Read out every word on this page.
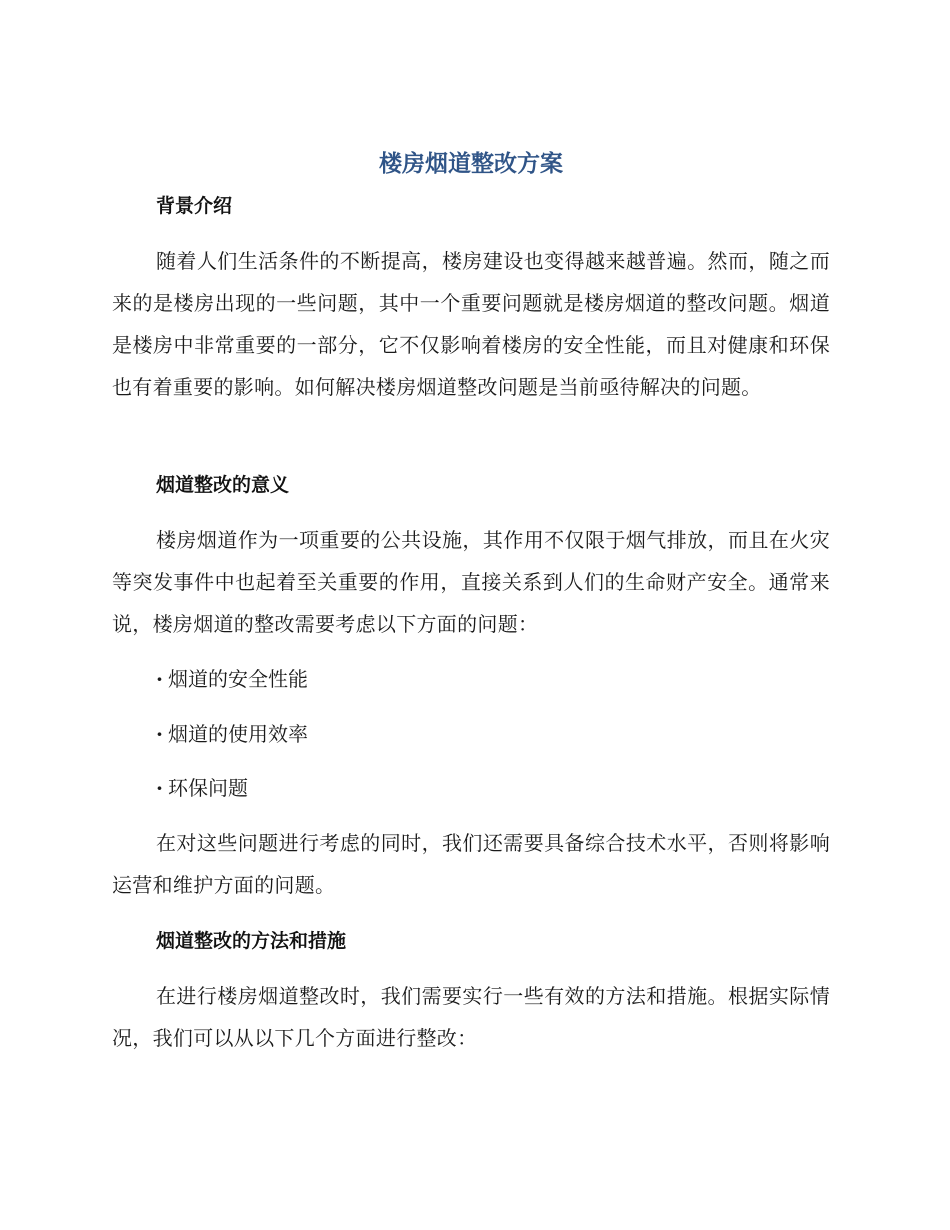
楼房烟道整改方案
背景介绍

随着人们生活条件的不断提高，楼房建设也变得越来越普遍。然而，随之而来的是楼房出现的一些问题，其中一个重要问题就是楼房烟道的整改问题。烟道是楼房中非常重要的一部分，它不仅影响着楼房的安全性能，而且对健康和环保也有着重要的影响。如何解决楼房烟道整改问题是当前亟待解决的问题。

烟道整改的意义

楼房烟道作为一项重要的公共设施，其作用不仅限于烟气排放，而且在火灾等突发事件中也起着至关重要的作用，直接关系到人们的生命财产安全。通常来说，楼房烟道的整改需要考虑以下方面的问题：

· 烟道的安全性能

· 烟道的使用效率

· 环保问题

在对这些问题进行考虑的同时，我们还需要具备综合技术水平，否则将影响运营和维护方面的问题。

烟道整改的方法和措施

在进行楼房烟道整改时，我们需要实行一些有效的方法和措施。根据实际情况，我们可以从以下几个方面进行整改：
